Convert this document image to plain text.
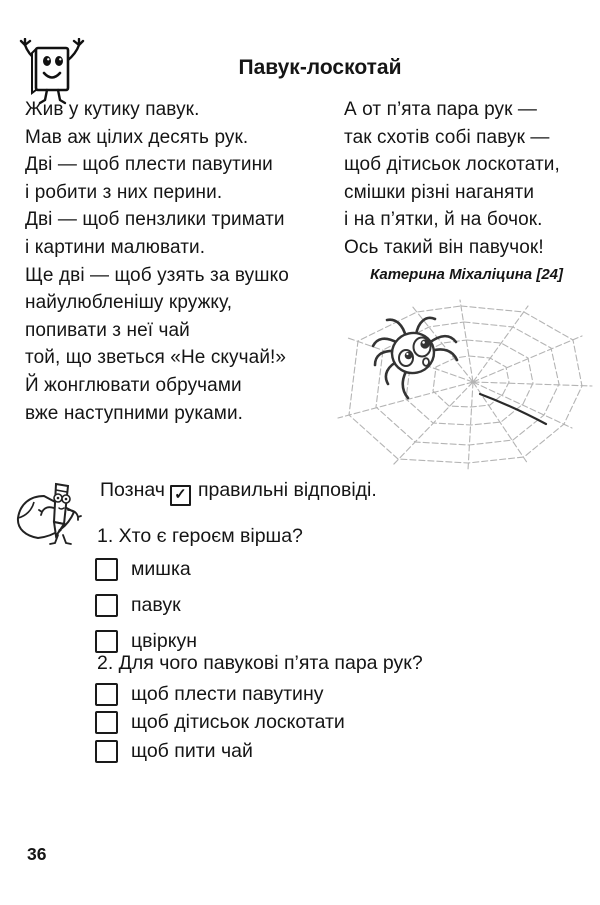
Павук-лоскотай
Жив у кутику павук.
Мав аж цілих десять рук.
Дві — щоб плести павутини
і робити з них перини.
Дві — щоб пензлики тримати
і картини малювати.
Ще дві — щоб узять за вушко
найулюбленішу кружку,
попивати з неї чай
той, що зветься «Не скучай!»
Й жонглювати обручами
вже наступними руками.
А от п’ята пара рук —
так схотів собі павук —
щоб дітисьок лоскотати,
смішки різні наганяти
і на п’ятки, й на бочок.
Ось такий він павучок!
Катерина Міхаліцина [24]
Познач ✓ правильні відповіді.
1. Хто є героєм вірша?
мишка
павук
цвіркун
2. Для чого павукові п’ята пара рук?
щоб плести павутину
щоб дітисьок лоскотати
щоб пити чай
36
